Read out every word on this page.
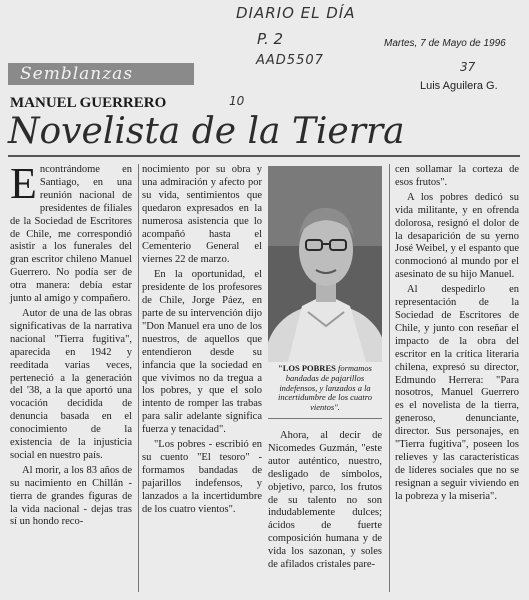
DIARIO EL DÍA
P. 2
AAD5507	37
10
Martes, 7 de Mayo de 1996
Semblanzas
Luis Aguilera G.
MANUEL GUERRERO
Novelista de la Tierra

Encontrándome en Santiago, en una reunión nacional de presidentes de filiales de la Sociedad de Escritores de Chile, me correspondió asistir a los funerales del gran escritor chileno Manuel Guerrero. No podía ser de otra manera: debía estar junto al amigo y compañero.

Autor de una de las obras significativas de la narrativa nacional "Tierra fugitiva", aparecida en 1942 y reeditada varias veces, perteneció a la generación del '38, a la que aportó una vocación decidida de denuncia basada en el conocimiento de la existencia de la injusticia social en nuestro país.

Al morir, a los 83 años de su nacimiento en Chillán - tierra de grandes figuras de la vida nacional - dejas tras sí un hondo reco-

nocimiento por su obra y una admiración y afecto por su vida, sentimientos que quedaron expresados en la numerosa asistencia que lo acompañó hasta el Cementerio General el viernes 22 de marzo.

En la oportunidad, el presidente de los profesores de Chile, Jorge Páez, en parte de su intervención dijo "Don Manuel era uno de los nuestros, de aquellos que entendieron desde su infancia que la sociedad en que vivimos no da tregua a los pobres, y que el solo intento de romper las trabas para salir adelante significa fuerza y tenacidad".

"Los pobres - escribió en su cuento "El tesoro" - formamos bandadas de pajarillos indefensos, y lanzados a la incertidumbre de los cuatro vientos".

"LOS POBRES formamos bandadas de pajarillos indefensos, y lanzados a la incertidumbre de los cuatro vientos".

Ahora, al decir de Nicomedes Guzmán, "este autor auténtico, nuestro, desligado de símbolos, objetivo, parco, los frutos de su talento no son indudablemente dulces; ácidos de fuerte composición humana y de vida los sazonan, y soles de afilados cristales pare-

cen sollamar la corteza de esos frutos".

A los pobres dedicó su vida militante, y en ofrenda dolorosa, resignó el dolor de la desaparición de su yerno José Weibel, y el espanto que conmocionó al mundo por el asesinato de su hijo Manuel.

Al despedirlo en representación de la Sociedad de Escritores de Chile, y junto con reseñar el impacto de la obra del escritor en la crítica literaria chilena, expresó su director, Edmundo Herrera: "Para nosotros, Manuel Guerrero es el novelista de la tierra, generoso, denunciante, director. Sus personajes, en "Tierra fugitiva", poseen los relieves y las características de líderes sociales que no se resignan a seguir viviendo en la pobreza y la miseria".
